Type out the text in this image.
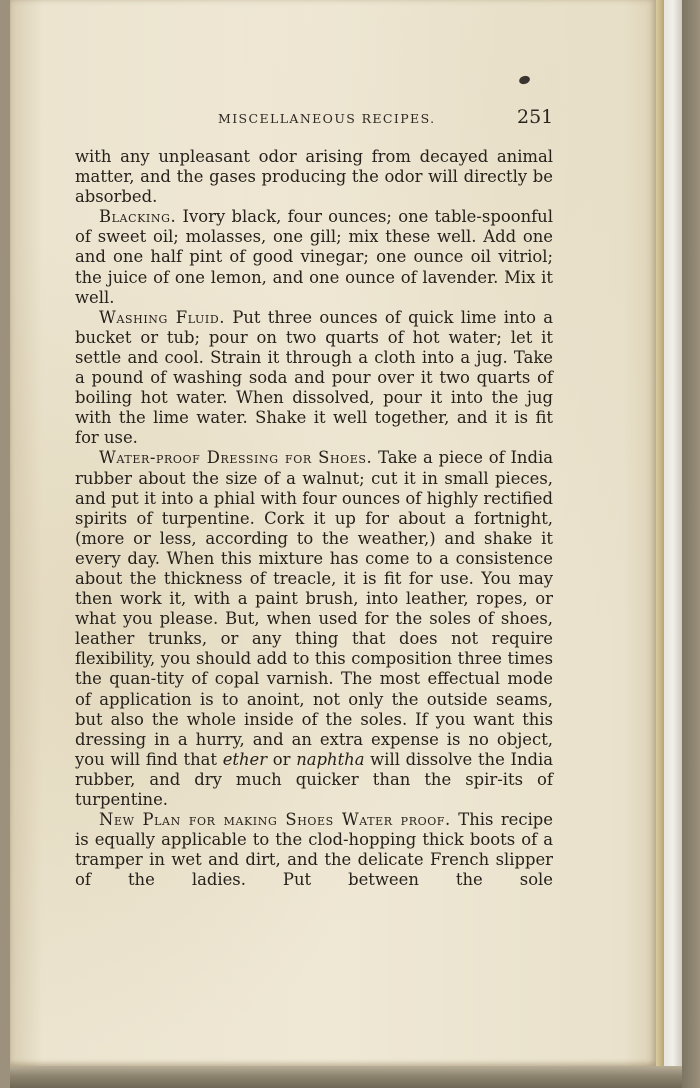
MISCELLANEOUS RECIPES.	251

with any unpleasant odor arising from decayed animal matter, and the gases producing the odor will directly be absorbed.

Blacking. Ivory black, four ounces; one table-spoonful of sweet oil; molasses, one gill; mix these well. Add one and one half pint of good vinegar; one ounce oil vitriol; the juice of one lemon, and one ounce of lavender. Mix it well.

Washing Fluid. Put three ounces of quick lime into a bucket or tub; pour on two quarts of hot water; let it settle and cool. Strain it through a cloth into a jug. Take a pound of washing soda and pour over it two quarts of boiling hot water. When dissolved, pour it into the jug with the lime water. Shake it well together, and it is fit for use.

Water-proof Dressing for Shoes. Take a piece of India rubber about the size of a walnut; cut it in small pieces, and put it into a phial with four ounces of highly rectified spirits of turpentine. Cork it up for about a fortnight, (more or less, according to the weather,) and shake it every day. When this mixture has come to a consistence about the thickness of treacle, it is fit for use. You may then work it, with a paint brush, into leather, ropes, or what you please. But, when used for the soles of shoes, leather trunks, or any thing that does not require flexibility, you should add to this composition three times the quan-tity of copal varnish. The most effectual mode of application is to anoint, not only the outside seams, but also the whole inside of the soles. If you want this dressing in a hurry, and an extra expense is no object, you will find that ether or naphtha will dissolve the India rubber, and dry much quicker than the spir-its of turpentine.

New Plan for making Shoes Water proof. This recipe is equally applicable to the clod-hopping thick boots of a tramper in wet and dirt, and the delicate French slipper of the ladies. Put between the sole
